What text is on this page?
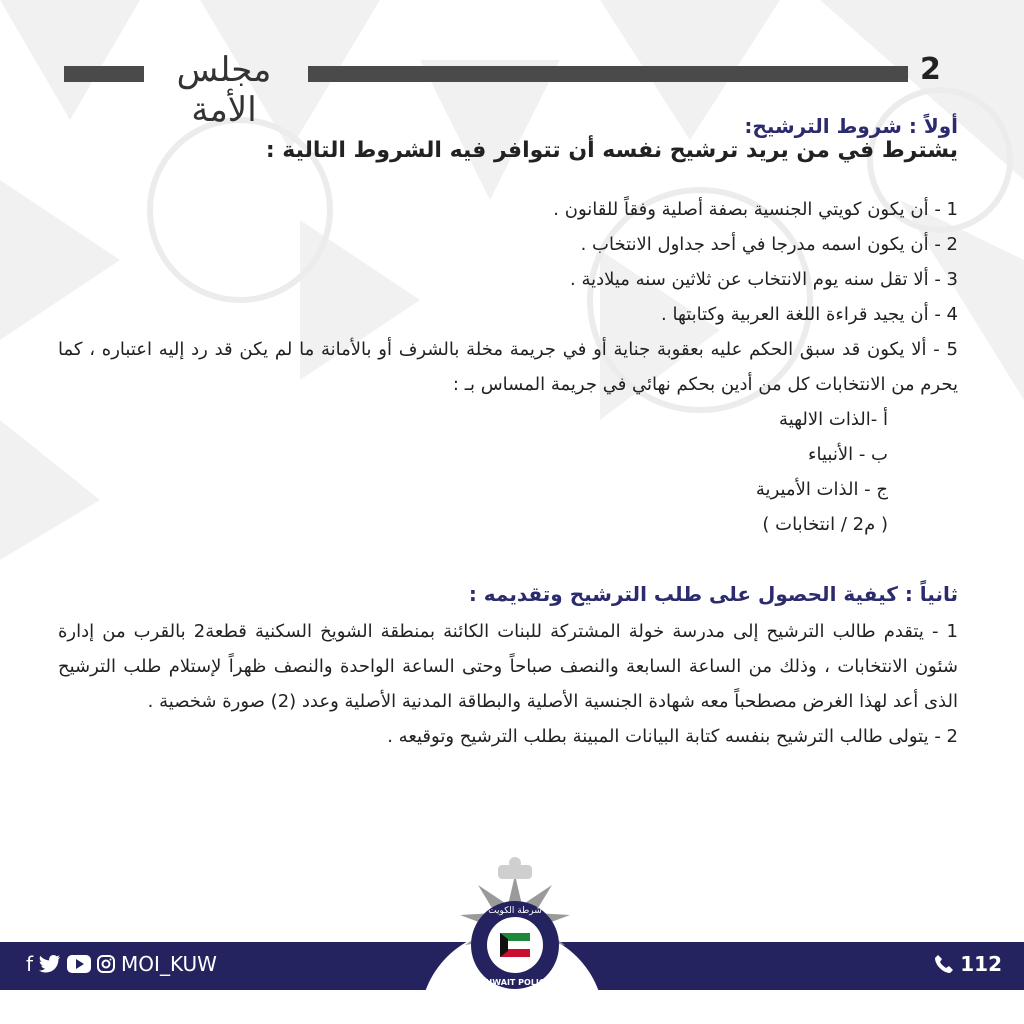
مجلس الأمة
2
أولاً : شروط الترشيح:
يشترط في من يريد ترشيح نفسه أن تتوافر فيه الشروط التالية :
1 - أن يكون كويتي الجنسية بصفة أصلية وفقاً للقانون .
2 - أن يكون اسمه مدرجا في أحد جداول الانتخاب .
3 - ألا تقل سنه يوم الانتخاب عن ثلاثين سنه ميلادية .
4 - أن يجيد قراءة اللغة العربية وكتابتها .
5 - ألا يكون قد سبق الحكم عليه بعقوبة جناية أو في جريمة مخلة بالشرف أو بالأمانة ما لم يكن قد رد إليه اعتباره ، كما يحرم من الانتخابات كل من أدين بحكم نهائي في جريمة المساس بـ :
أ -الذات الالهية
ب - الأنبياء
ج - الذات الأميرية
( م2 / انتخابات )
ثانياً : كيفية الحصول على طلب الترشيح وتقديمه :
1 - يتقدم طالب الترشيح إلى مدرسة خولة المشتركة للبنات الكائنة بمنطقة الشويخ السكنية قطعة2 بالقرب من إدارة شئون الانتخابات ، وذلك من الساعة السابعة والنصف صباحاً وحتى الساعة الواحدة والنصف ظهراً لإستلام طلب الترشيح الذى أعد لهذا الغرض مصطحباً معه شهادة الجنسية الأصلية والبطاقة المدنية الأصلية وعدد (2) صورة شخصية .
2 - يتولى طالب الترشيح بنفسه كتابة البيانات المبينة بطلب الترشيح وتوقيعه .
f	MOI_KUW	112
شرطة الكويت
KUWAIT POLICE
